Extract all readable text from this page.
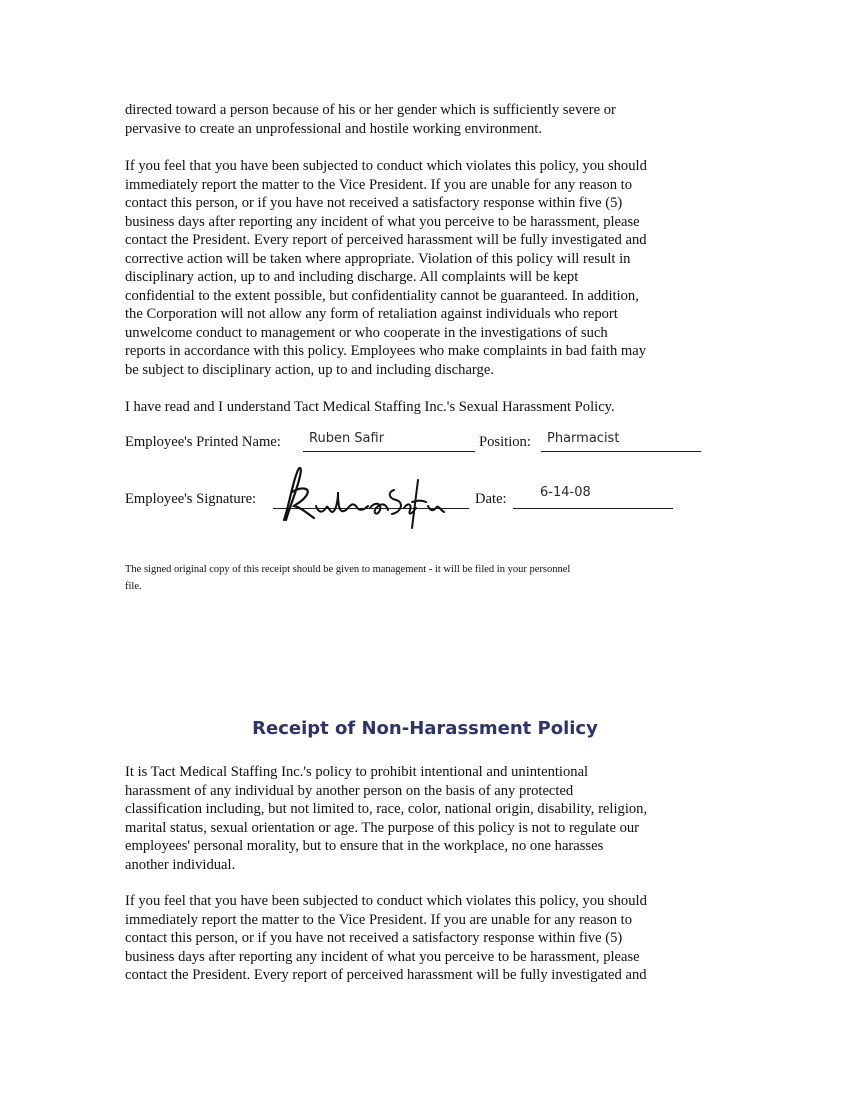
directed toward a person because of his or her gender which is sufficiently severe or
pervasive to create an unprofessional and hostile working environment.

If you feel that you have been subjected to conduct which violates this policy, you should
immediately report the matter to the Vice President. If you are unable for any reason to
contact this person, or if you have not received a satisfactory response within five (5)
business days after reporting any incident of what you perceive to be harassment, please
contact the President. Every report of perceived harassment will be fully investigated and
corrective action will be taken where appropriate. Violation of this policy will result in
disciplinary action, up to and including discharge. All complaints will be kept
confidential to the extent possible, but confidentiality cannot be guaranteed. In addition,
the Corporation will not allow any form of retaliation against individuals who report
unwelcome conduct to management or who cooperate in the investigations of such
reports in accordance with this policy. Employees who make complaints in bad faith may
be subject to disciplinary action, up to and including discharge.

I have read and I understand Tact Medical Staffing Inc.'s Sexual Harassment Policy.

Employee's Printed Name: Ruben Safir	Position: Pharmacist
Employee's Signature:	Date:	6-14-08

The signed original copy of this receipt should be given to management - it will be filed in your personnel
file.

Receipt of Non-Harassment Policy

It is Tact Medical Staffing Inc.'s policy to prohibit intentional and unintentional
harassment of any individual by another person on the basis of any protected
classification including, but not limited to, race, color, national origin, disability, religion,
marital status, sexual orientation or age. The purpose of this policy is not to regulate our
employees' personal morality, but to ensure that in the workplace, no one harasses
another individual.

If you feel that you have been subjected to conduct which violates this policy, you should
immediately report the matter to the Vice President. If you are unable for any reason to
contact this person, or if you have not received a satisfactory response within five (5)
business days after reporting any incident of what you perceive to be harassment, please
contact the President. Every report of perceived harassment will be fully investigated and
